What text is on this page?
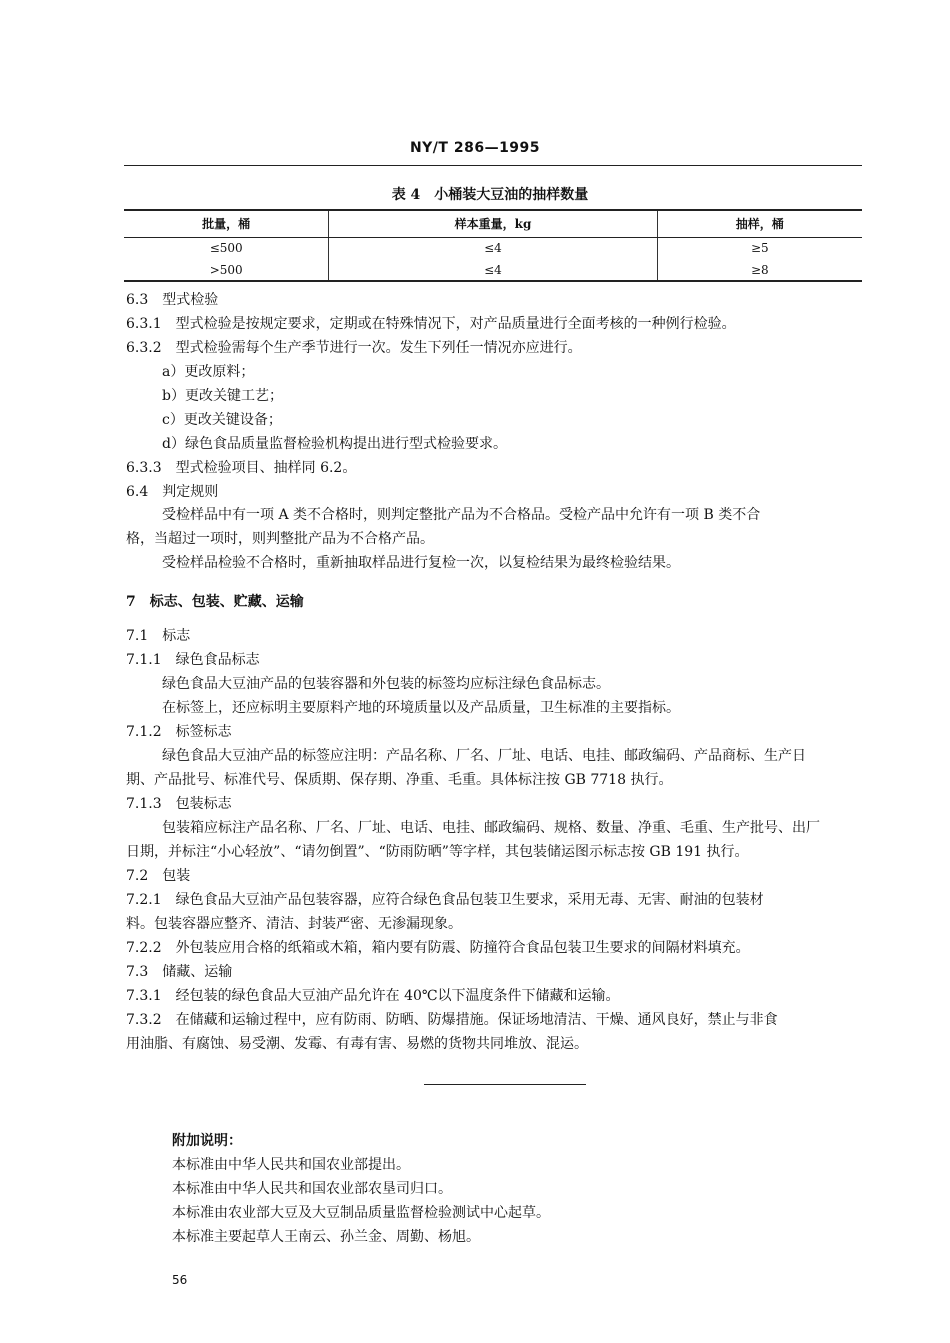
NY/T 286—1995
表 4　小桶装大豆油的抽样数量
批量，桶	样本重量，kg	抽样，桶
≤500	≤4	≥5
>500	≤4	≥8
6.3　型式检验
6.3.1　型式检验是按规定要求，定期或在特殊情况下，对产品质量进行全面考核的一种例行检验。
6.3.2　型式检验需每个生产季节进行一次。发生下列任一情况亦应进行。
a）更改原料；
b）更改关键工艺；
c）更改关键设备；
d）绿色食品质量监督检验机构提出进行型式检验要求。
6.3.3　型式检验项目、抽样同 6.2。
6.4　判定规则
受检样品中有一项 A 类不合格时，则判定整批产品为不合格品。受检产品中允许有一项 B 类不合
格，当超过一项时，则判整批产品为不合格产品。
受检样品检验不合格时，重新抽取样品进行复检一次，以复检结果为最终检验结果。
7　标志、包装、贮藏、运输
7.1　标志
7.1.1　绿色食品标志
绿色食品大豆油产品的包装容器和外包装的标签均应标注绿色食品标志。
在标签上，还应标明主要原料产地的环境质量以及产品质量，卫生标准的主要指标。
7.1.2　标签标志
绿色食品大豆油产品的标签应注明：产品名称、厂名、厂址、电话、电挂、邮政编码、产品商标、生产日
期、产品批号、标准代号、保质期、保存期、净重、毛重。具体标注按 GB 7718 执行。
7.1.3　包装标志
包装箱应标注产品名称、厂名、厂址、电话、电挂、邮政编码、规格、数量、净重、毛重、生产批号、出厂
日期，并标注“小心轻放”、“请勿倒置”、“防雨防晒”等字样，其包装储运图示标志按 GB 191 执行。
7.2　包装
7.2.1　绿色食品大豆油产品包装容器，应符合绿色食品包装卫生要求，采用无毒、无害、耐油的包装材
料。包装容器应整齐、清洁、封装严密、无渗漏现象。
7.2.2　外包装应用合格的纸箱或木箱，箱内要有防震、防撞符合食品包装卫生要求的间隔材料填充。
7.3　储藏、运输
7.3.1　经包装的绿色食品大豆油产品允许在 40℃以下温度条件下储藏和运输。
7.3.2　在储藏和运输过程中，应有防雨、防晒、防爆措施。保证场地清洁、干燥、通风良好，禁止与非食
用油脂、有腐蚀、易受潮、发霉、有毒有害、易燃的货物共同堆放、混运。
附加说明：
本标准由中华人民共和国农业部提出。
本标准由中华人民共和国农业部农垦司归口。
本标准由农业部大豆及大豆制品质量监督检验测试中心起草。
本标准主要起草人王南云、孙兰金、周勤、杨旭。
56
